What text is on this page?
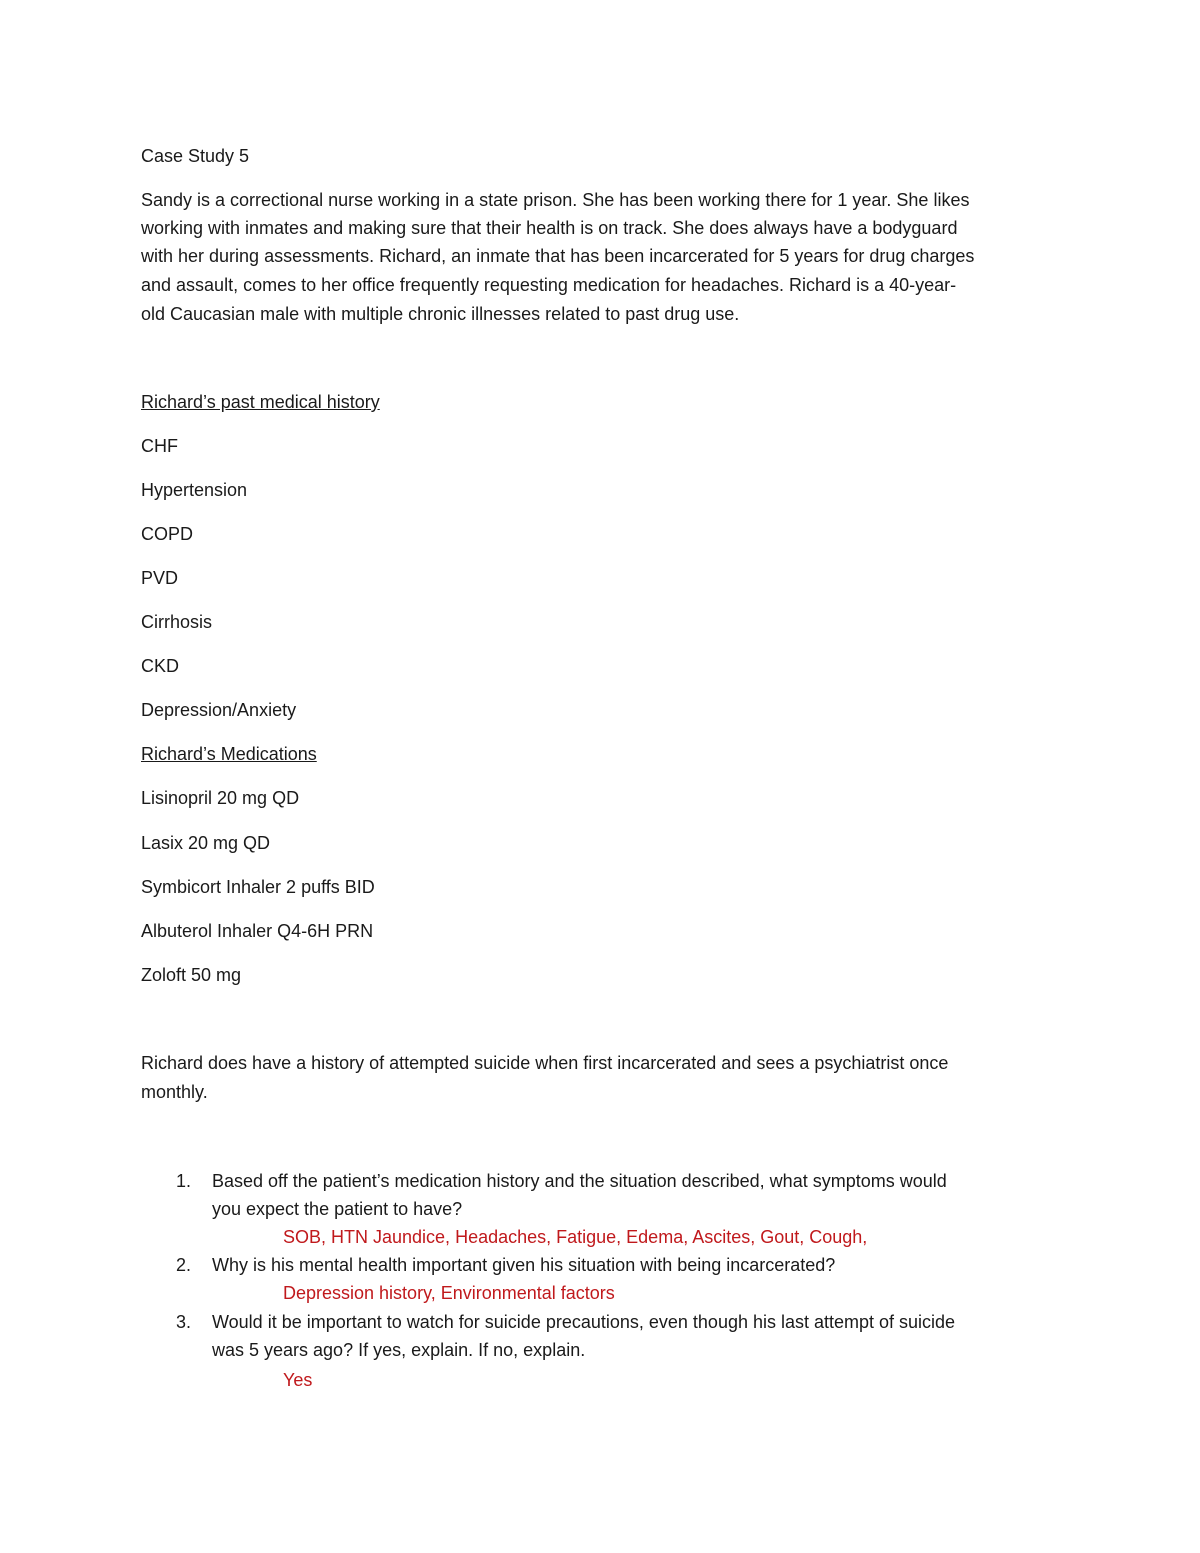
Case Study 5
Sandy is a correctional nurse working in a state prison. She has been working there for 1 year. She likes
working with inmates and making sure that their health is on track. She does always have a bodyguard
with her during assessments. Richard, an inmate that has been incarcerated for 5 years for drug charges
and assault, comes to her office frequently requesting medication for headaches. Richard is a 40-year-
old Caucasian male with multiple chronic illnesses related to past drug use.
Richard’s past medical history
CHF
Hypertension
COPD
PVD
Cirrhosis
CKD
Depression/Anxiety
Richard’s Medications
Lisinopril 20 mg QD
Lasix 20 mg QD
Symbicort Inhaler 2 puffs BID
Albuterol Inhaler Q4-6H PRN
Zoloft 50 mg
Richard does have a history of attempted suicide when first incarcerated and sees a psychiatrist once
monthly.
1. Based off the patient’s medication history and the situation described, what symptoms would
you expect the patient to have?
SOB, HTN Jaundice, Headaches, Fatigue, Edema, Ascites, Gout, Cough,
2. Why is his mental health important given his situation with being incarcerated?
Depression history, Environmental factors
3. Would it be important to watch for suicide precautions, even though his last attempt of suicide
was 5 years ago? If yes, explain. If no, explain.
Yes
